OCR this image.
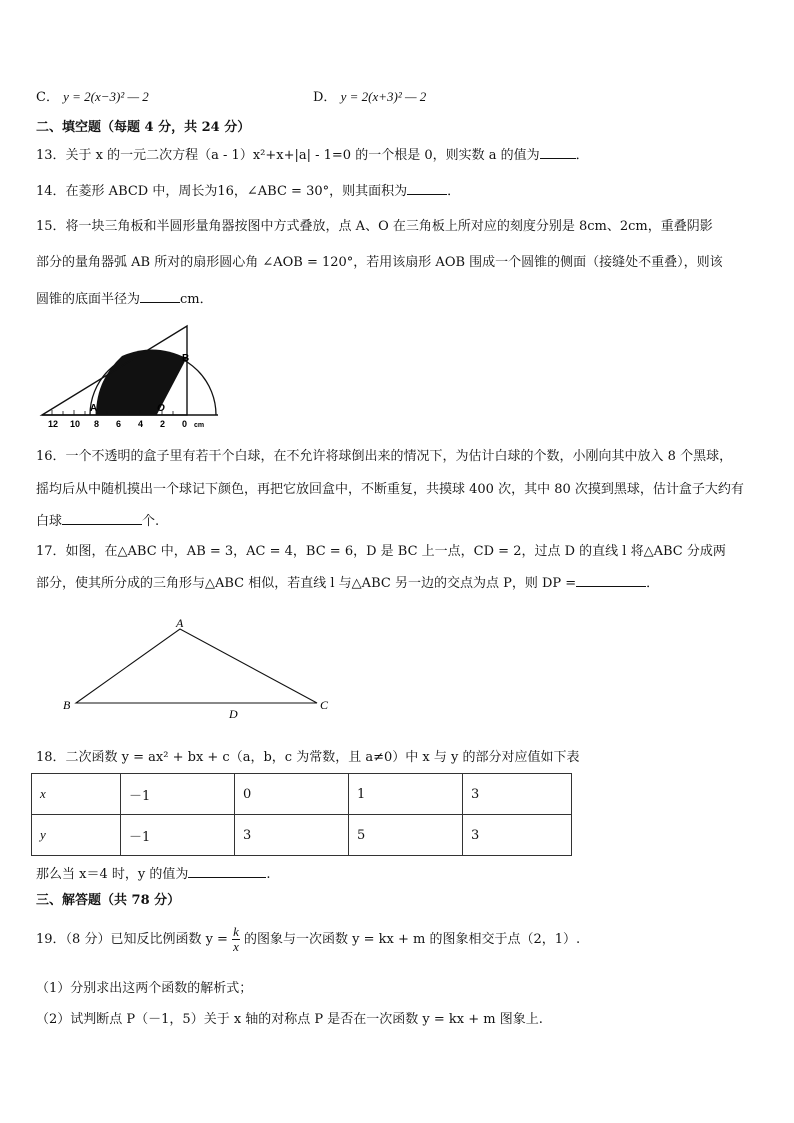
C． y = 2(x−3)² — 2	D． y = 2(x+3)² — 2
二、填空题（每题 4 分，共 24 分）
13．关于 x 的一元二次方程（a - 1）x²+x+|a| - 1=0 的一个根是 0，则实数 a 的值为	．
14．在菱形 ABCD 中，周长为16，∠ABC = 30°，则其面积为	．
15．将一块三角板和半圆形量角器按图中方式叠放，点 A、O 在三角板上所对应的刻度分别是 8cm、2cm，重叠阴影
部分的量角器弧 AB 所对的扇形圆心角 ∠AOB = 120°，若用该扇形 AOB 围成一个圆锥的侧面（接缝处不重叠），则该
圆锥的底面半径为	cm．
B
A	O
12 10 8 6 4 2 0 cm
16．一个不透明的盒子里有若干个白球，在不允许将球倒出来的情况下，为估计白球的个数，小刚向其中放入 8 个黑球，
摇均后从中随机摸出一个球记下颜色，再把它放回盒中，不断重复，共摸球 400 次，其中 80 次摸到黑球，估计盒子大约有
白球	个.
17．如图，在△ABC 中，AB = 3，AC = 4，BC = 6，D 是 BC 上一点，CD = 2，过点 D 的直线 l 将△ABC 分成两
部分，使其所分成的三角形与△ABC 相似，若直线 l 与△ABC 另一边的交点为点 P，则 DP =	．
A
B	C
D
18．二次函数 y = ax² + bx + c（a，b，c 为常数，且 a≠0）中 x 与 y 的部分对应值如下表
x	－1	0	1	3
y	－1	3	5	3
那么当 x＝4 时，y 的值为	.
三、解答题（共 78 分）
19．（8 分）已知反比例函数 $y = \frac{k}{x}$ 的图象与一次函数 y = kx + m 的图象相交于点（2，1）.
（1）分别求出这两个函数的解析式；
（2）试判断点 P（－1，5）关于 x 轴的对称点 P 是否在一次函数 y = kx + m 图象上.
